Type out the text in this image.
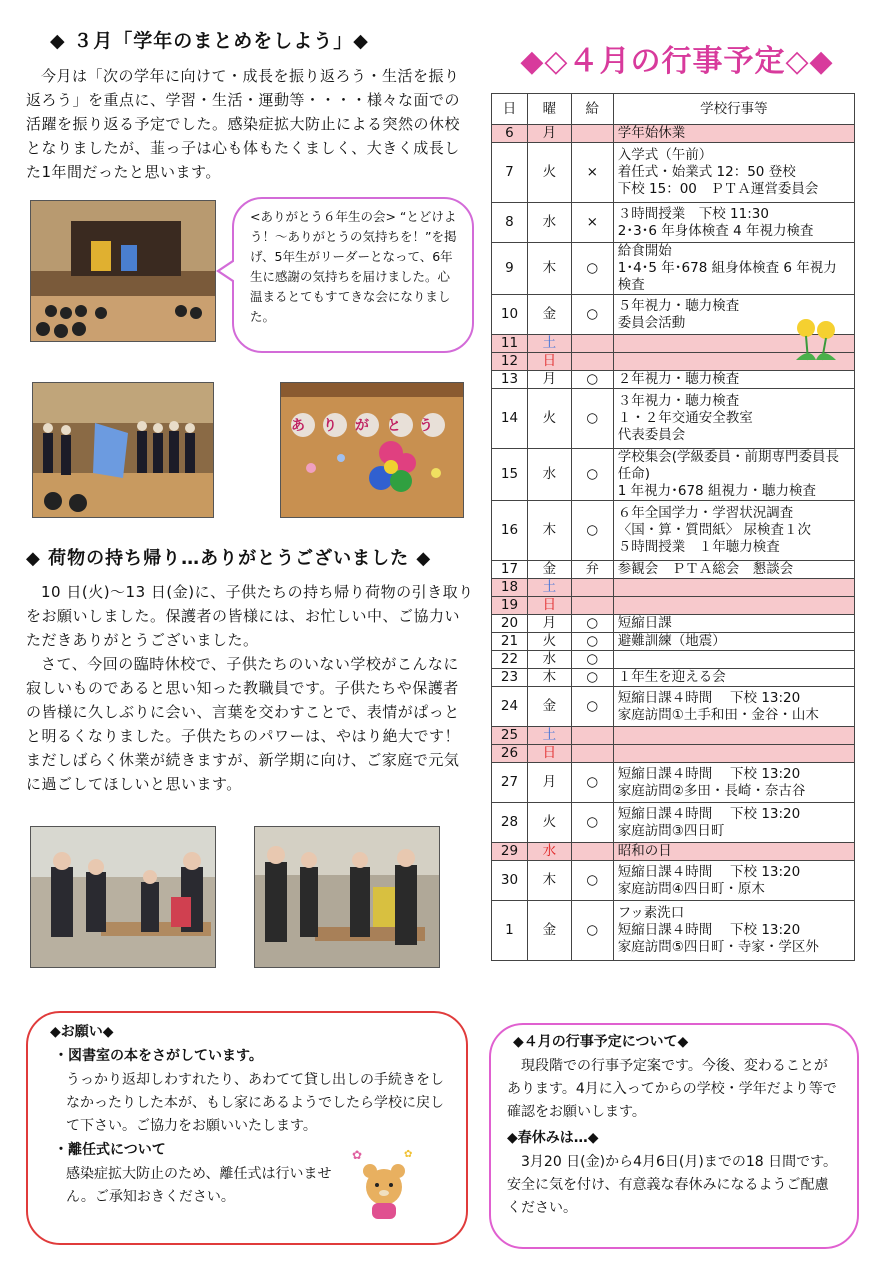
◆ ３月「学年のまとめをしよう」◆

今月は「次の学年に向けて・成長を振り返ろう・生活を振り返ろう」を重点に、学習・生活・運動等・・・・様々な面での活躍を振り返る予定でした。感染症拡大防止による突然の休校となりましたが、韮っ子は心も体もたくましく、大きく成長した1年間だったと思います。

<ありがとう６年生の会> “とどけよう！～ありがとうの気持ちを！”を掲げ、5年生がリーダーとなって、6年生に感謝の気持ちを届けました。心温まるとてもすてきな会になりました。
ありがとう
◆ 荷物の持ち帰り…ありがとうございました ◆

10 日(火)～13 日(金)に、子供たちの持ち帰り荷物の引き取りをお願いしました。保護者の皆様には、お忙しい中、ご協力いただきありがとうございました。

さて、今回の臨時休校で、子供たちのいない学校がこんなに寂しいものであると思い知った教職員です。子供たちや保護者の皆様に久しぶりに会い、言葉を交わすことで、表情がぱっとと明るくなりました。子供たちのパワーは、やはり絶大です！まだしばらく休業が続きますが、新学期に向け、ご家庭で元気に過ごしてほしいと思います。

◆お願い◆
・図書室の本をさがしています。
うっかり返却しわすれたり、あわてて貸し出しの手続きをしなかったりした本が、もし家にあるようでしたら学校に戻して下さい。ご協力をお願いいたします。
・離任式について
感染症拡大防止のため、離任式は行いません。ご承知おきください。
✿	✿
◆◇４月の行事予定◇◆
日	曜	給	学校行事等
6	月		学年始休業
7	火	×	入学式（午前）
着任式・始業式 12：50 登校
下校 15：00　ＰＴＡ運営委員会
8	水	×	３時間授業　下校 11:30
2･3･6 年身体検査 4 年視力検査
9	木	○	給食開始
1･4･5 年･678 組身体検査 6 年視力検査
10	金	○	５年視力・聴力検査
委員会活動
11	土		
12	日		
13	月	○	２年視力・聴力検査
14	火	○	３年視力・聴力検査
１・２年交通安全教室
代表委員会
15	水	○	学校集会(学級委員・前期専門委員長任命)
1 年視力･678 組視力・聴力検査
16	木	○	６年全国学力・学習状況調査
〈国・算・質問紙〉 尿検査１次
５時間授業　１年聴力検査
17	金	弁	参観会　ＰＴＡ総会　懇談会
18	土		
19	日		
20	月	○	短縮日課
21	火	○	避難訓練（地震）
22	水	○	
23	木	○	１年生を迎える会
24	金	○	短縮日課４時間　 下校 13:20
家庭訪問①土手和田・金谷・山木
25	土		
26	日		
27	月	○	短縮日課４時間　 下校 13:20
家庭訪問②多田・長崎・奈古谷
28	火	○	短縮日課４時間　 下校 13:20
家庭訪問③四日町
29	水		昭和の日
30	木	○	短縮日課４時間　 下校 13:20
家庭訪問④四日町・原木
1	金	○	フッ素洗口
短縮日課４時間　 下校 13:20
家庭訪問⑤四日町・寺家・学区外
◆４月の行事予定について◆
現段階での行事予定案です。今後、変わることがあります。4月に入ってからの学校・学年だより等で確認をお願いします。
◆春休みは…◆
3月20 日(金)から4月6日(月)までの18 日間です。安全に気を付け、有意義な春休みになるようご配慮ください。
